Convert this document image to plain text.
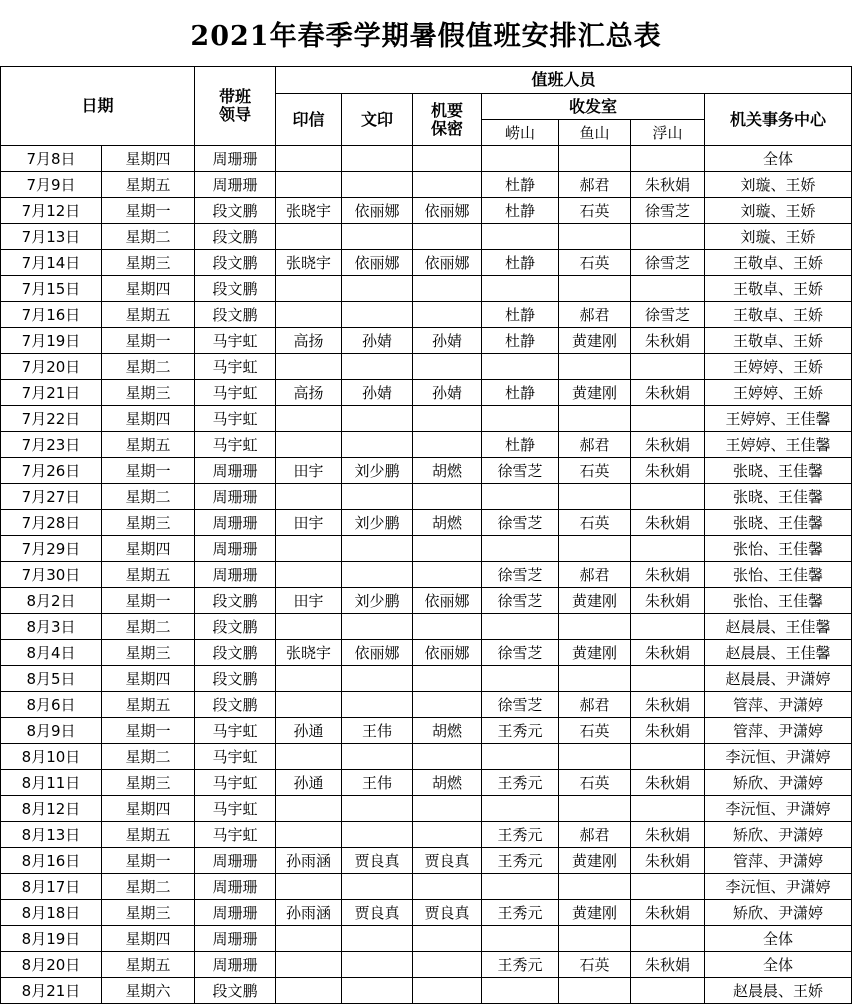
2021年春季学期暑假值班安排汇总表
日期		带班领导	值班人员						
			印信	文印	机要保密	收发室			机关事务中心
						崂山	鱼山	浮山	
7月8日	星期四	周珊珊							全体
7月9日	星期五	周珊珊				杜静	郝君	朱秋娟	刘璇、王娇
7月12日	星期一	段文鹏	张晓宇	依丽娜	依丽娜	杜静	石英	徐雪芝	刘璇、王娇
7月13日	星期二	段文鹏							刘璇、王娇
7月14日	星期三	段文鹏	张晓宇	依丽娜	依丽娜	杜静	石英	徐雪芝	王敬卓、王娇
7月15日	星期四	段文鹏							王敬卓、王娇
7月16日	星期五	段文鹏				杜静	郝君	徐雪芝	王敬卓、王娇
7月19日	星期一	马宇虹	高扬	孙婧	孙婧	杜静	黄建刚	朱秋娟	王敬卓、王娇
7月20日	星期二	马宇虹							王婷婷、王娇
7月21日	星期三	马宇虹	高扬	孙婧	孙婧	杜静	黄建刚	朱秋娟	王婷婷、王娇
7月22日	星期四	马宇虹							王婷婷、王佳馨
7月23日	星期五	马宇虹				杜静	郝君	朱秋娟	王婷婷、王佳馨
7月26日	星期一	周珊珊	田宇	刘少鹏	胡燃	徐雪芝	石英	朱秋娟	张晓、王佳馨
7月27日	星期二	周珊珊							张晓、王佳馨
7月28日	星期三	周珊珊	田宇	刘少鹏	胡燃	徐雪芝	石英	朱秋娟	张晓、王佳馨
7月29日	星期四	周珊珊							张怡、王佳馨
7月30日	星期五	周珊珊				徐雪芝	郝君	朱秋娟	张怡、王佳馨
8月2日	星期一	段文鹏	田宇	刘少鹏	依丽娜	徐雪芝	黄建刚	朱秋娟	张怡、王佳馨
8月3日	星期二	段文鹏							赵晨晨、王佳馨
8月4日	星期三	段文鹏	张晓宇	依丽娜	依丽娜	徐雪芝	黄建刚	朱秋娟	赵晨晨、王佳馨
8月5日	星期四	段文鹏							赵晨晨、尹潇婷
8月6日	星期五	段文鹏				徐雪芝	郝君	朱秋娟	管萍、尹潇婷
8月9日	星期一	马宇虹	孙通	王伟	胡燃	王秀元	石英	朱秋娟	管萍、尹潇婷
8月10日	星期二	马宇虹							李沅恒、尹潇婷
8月11日	星期三	马宇虹	孙通	王伟	胡燃	王秀元	石英	朱秋娟	矫欣、尹潇婷
8月12日	星期四	马宇虹							李沅恒、尹潇婷
8月13日	星期五	马宇虹				王秀元	郝君	朱秋娟	矫欣、尹潇婷
8月16日	星期一	周珊珊	孙雨涵	贾良真	贾良真	王秀元	黄建刚	朱秋娟	管萍、尹潇婷
8月17日	星期二	周珊珊							李沅恒、尹潇婷
8月18日	星期三	周珊珊	孙雨涵	贾良真	贾良真	王秀元	黄建刚	朱秋娟	矫欣、尹潇婷
8月19日	星期四	周珊珊							全体
8月20日	星期五	周珊珊				王秀元	石英	朱秋娟	全体
8月21日	星期六	段文鹏							赵晨晨、王娇
